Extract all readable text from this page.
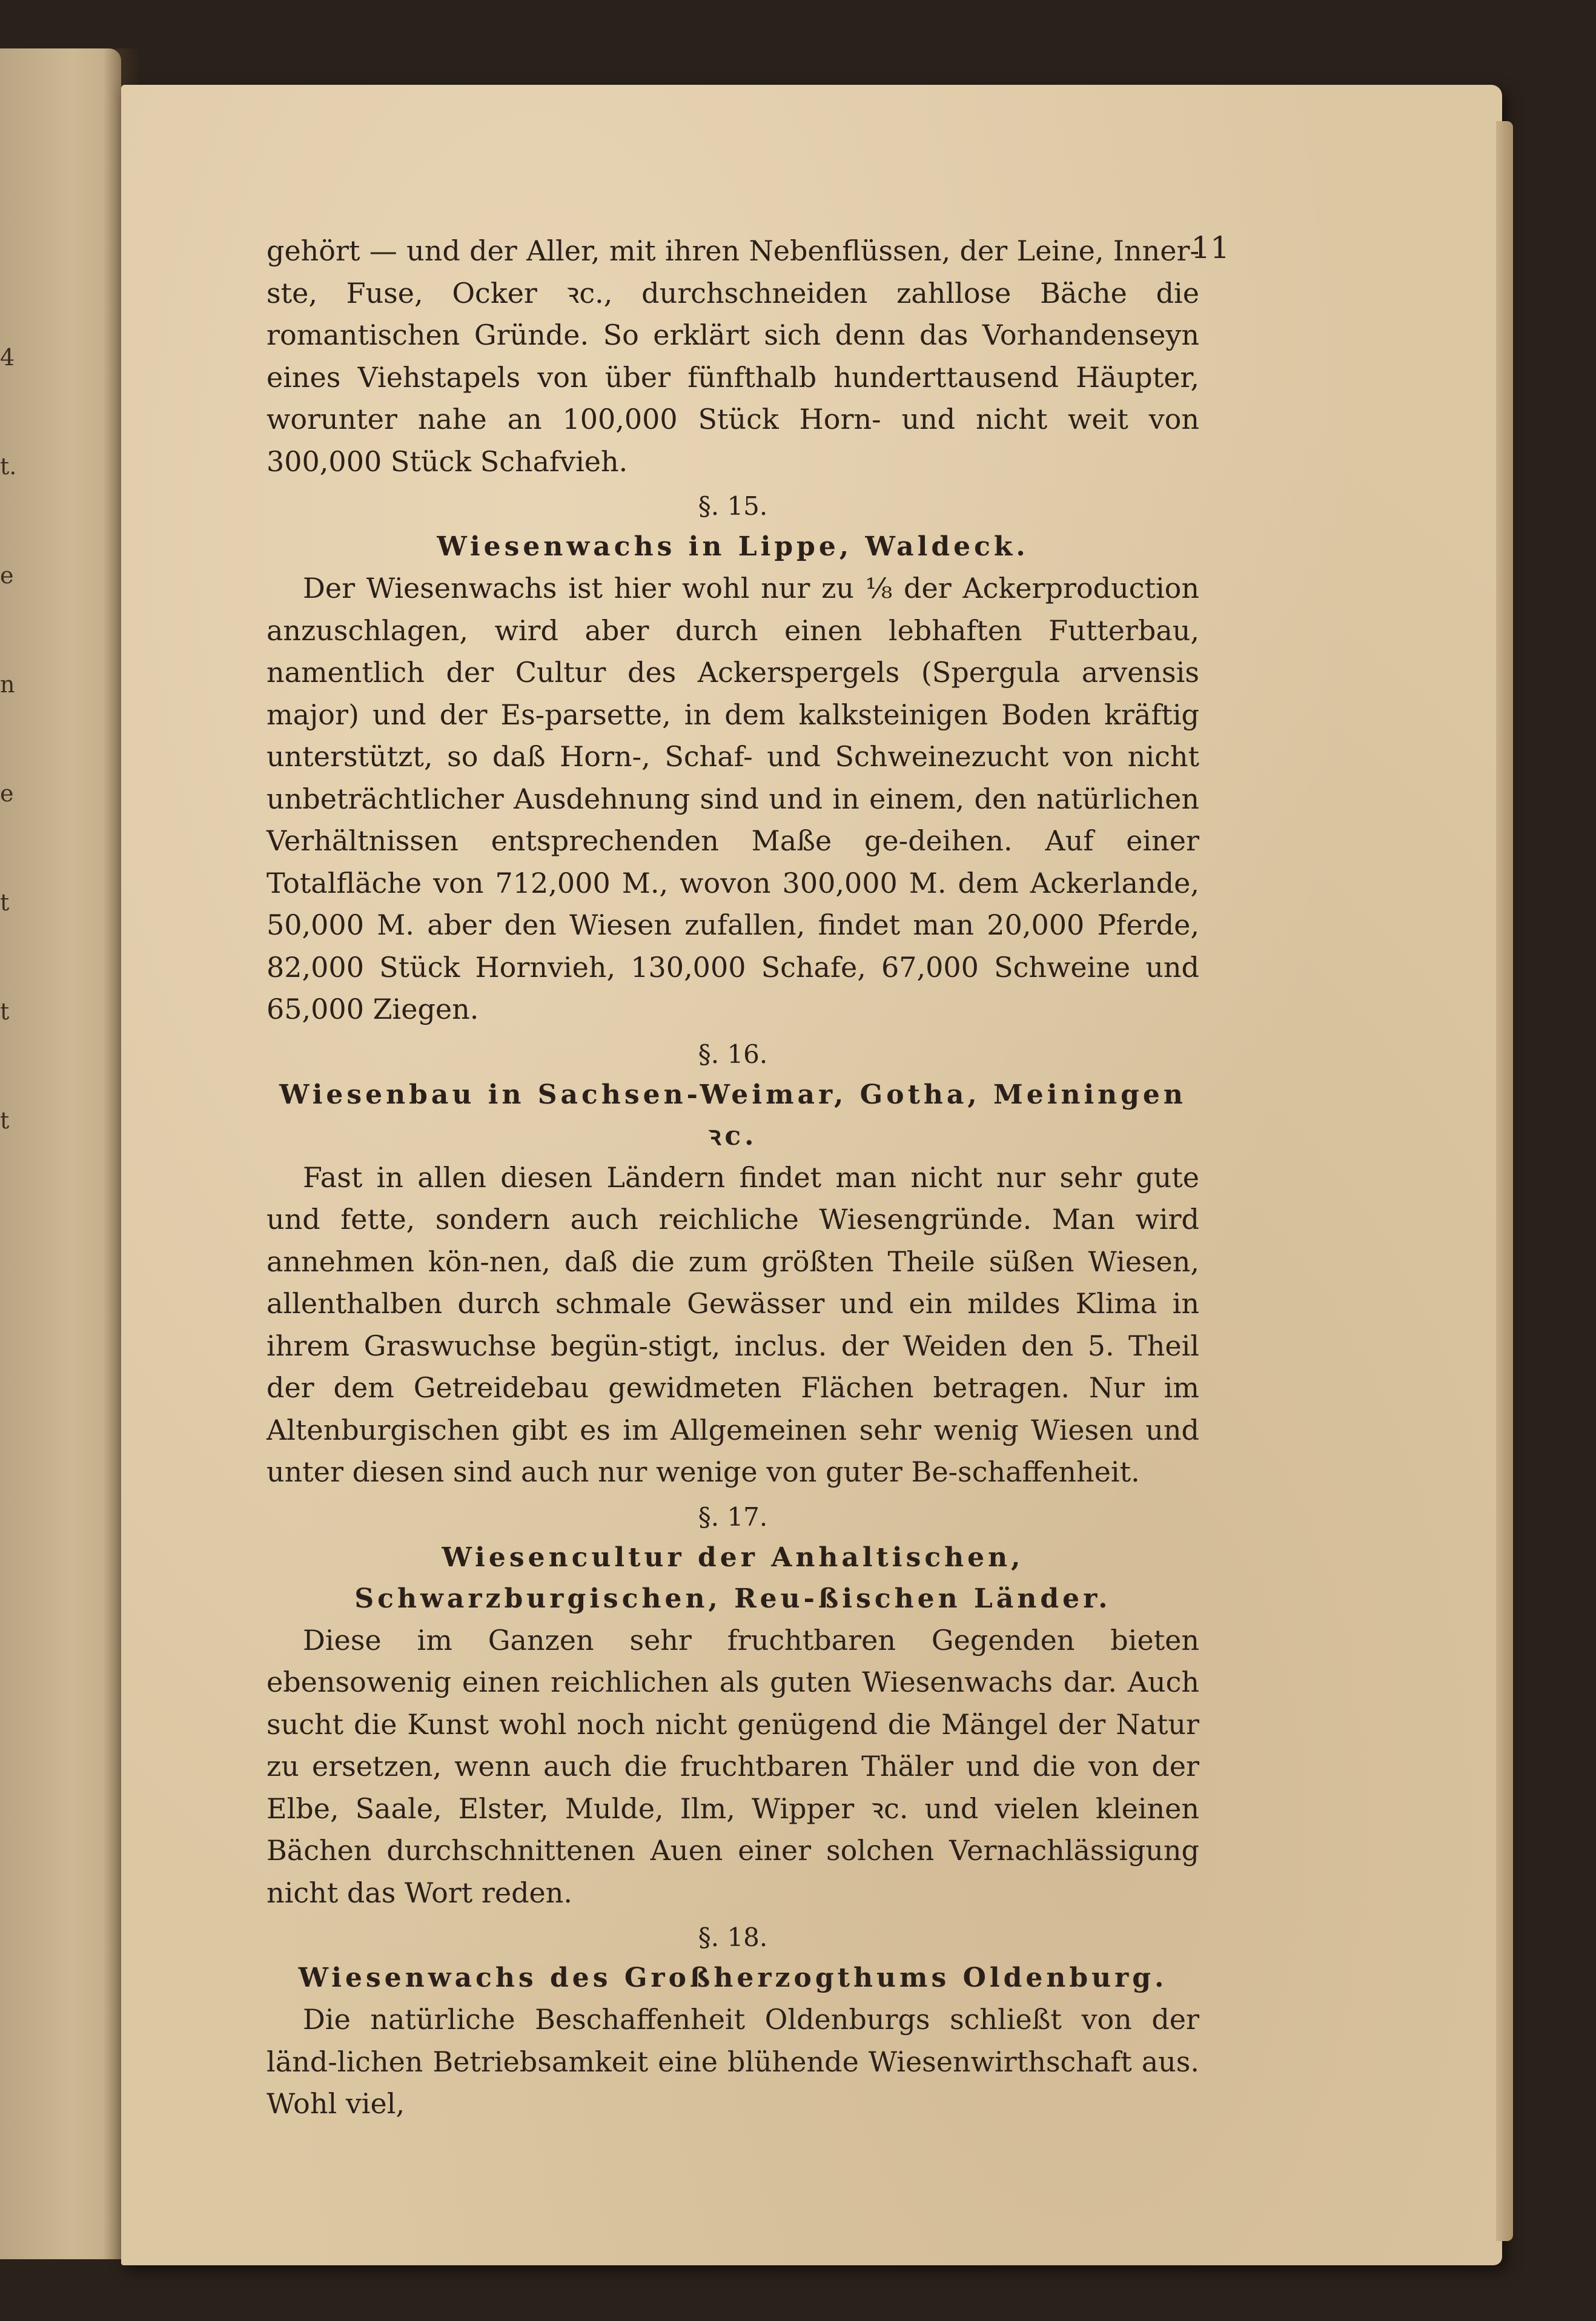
4
t.
e
n
e
t
t
t
11

gehört — und der Aller, mit ihren Nebenflüssen, der Leine, Inner-ste, Fuse, Ocker ꝛc., durchschneiden zahllose Bäche die romantischen Gründe. So erklärt sich denn das Vorhandenseyn eines Viehstapels von über fünfthalb hunderttausend Häupter, worunter nahe an 100,000 Stück Horn- und nicht weit von 300,000 Stück Schafvieh.

§. 15.
Wiesenwachs in Lippe, Waldeck.

Der Wiesenwachs ist hier wohl nur zu ⅛ der Ackerproduction anzuschlagen, wird aber durch einen lebhaften Futterbau, namentlich der Cultur des Ackerspergels (Spergula arvensis major) und der Es-parsette, in dem kalksteinigen Boden kräftig unterstützt, so daß Horn-, Schaf- und Schweinezucht von nicht unbeträchtlicher Ausdehnung sind und in einem, den natürlichen Verhältnissen entsprechenden Maße ge-deihen. Auf einer Totalfläche von 712,000 M., wovon 300,000 M. dem Ackerlande, 50,000 M. aber den Wiesen zufallen, findet man 20,000 Pferde, 82,000 Stück Hornvieh, 130,000 Schafe, 67,000 Schweine und 65,000 Ziegen.

§. 16.
Wiesenbau in Sachsen-Weimar, Gotha, Meiningen ꝛc.

Fast in allen diesen Ländern findet man nicht nur sehr gute und fette, sondern auch reichliche Wiesengründe. Man wird annehmen kön-nen, daß die zum größten Theile süßen Wiesen, allenthalben durch schmale Gewässer und ein mildes Klima in ihrem Graswuchse begün-stigt, inclus. der Weiden den 5. Theil der dem Getreidebau gewidmeten Flächen betragen. Nur im Altenburgischen gibt es im Allgemeinen sehr wenig Wiesen und unter diesen sind auch nur wenige von guter Be-schaffenheit.

§. 17.
Wiesencultur der Anhaltischen, Schwarzburgischen, Reu-ßischen Länder.

Diese im Ganzen sehr fruchtbaren Gegenden bieten ebensowenig einen reichlichen als guten Wiesenwachs dar. Auch sucht die Kunst wohl noch nicht genügend die Mängel der Natur zu ersetzen, wenn auch die fruchtbaren Thäler und die von der Elbe, Saale, Elster, Mulde, Ilm, Wipper ꝛc. und vielen kleinen Bächen durchschnittenen Auen einer solchen Vernachlässigung nicht das Wort reden.

§. 18.
Wiesenwachs des Großherzogthums Oldenburg.

Die natürliche Beschaffenheit Oldenburgs schließt von der länd-lichen Betriebsamkeit eine blühende Wiesenwirthschaft aus. Wohl viel,
